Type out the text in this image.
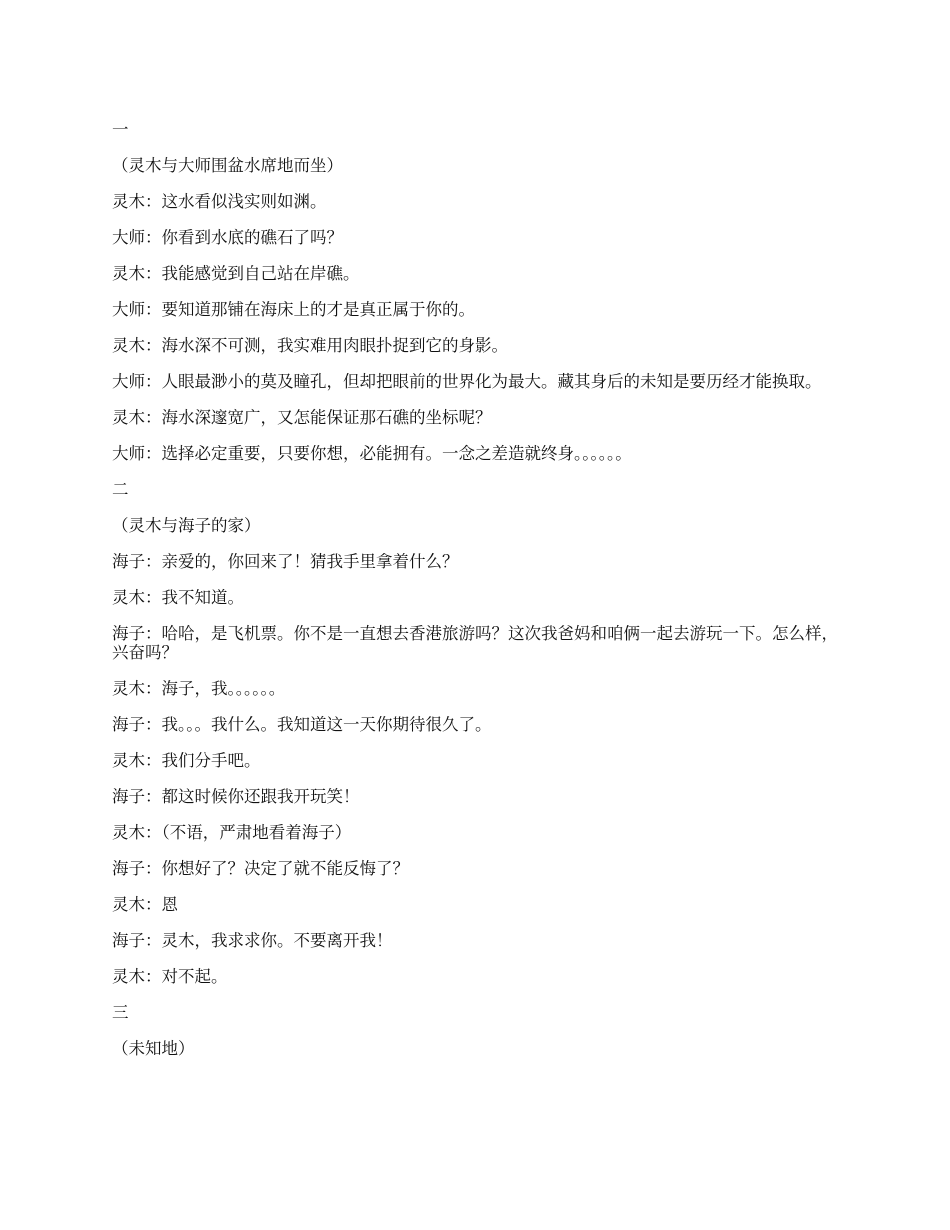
一

（灵木与大师围盆水席地而坐）

灵木：这水看似浅实则如渊。

大师：你看到水底的礁石了吗？

灵木：我能感觉到自己站在岸礁。

大师：要知道那铺在海床上的才是真正属于你的。

灵木：海水深不可测，我实难用肉眼扑捉到它的身影。

大师：人眼最渺小的莫及瞳孔，但却把眼前的世界化为最大。藏其身后的未知是要历经才能换取。

灵木：海水深邃宽广，又怎能保证那石礁的坐标呢？

大师：选择必定重要，只要你想，必能拥有。一念之差造就终身。。。。。。

二

（灵木与海子的家）

海子：亲爱的，你回来了！猜我手里拿着什么？

灵木：我不知道。

海子：哈哈，是飞机票。你不是一直想去香港旅游吗？这次我爸妈和咱俩一起去游玩一下。怎么样，兴奋吗？

灵木：海子，我。。。。。。

海子：我。。。我什么。我知道这一天你期待很久了。

灵木：我们分手吧。

海子：都这时候你还跟我开玩笑！

灵木：（不语，严肃地看着海子）

海子：你想好了？决定了就不能反悔了？

灵木：恩

海子：灵木，我求求你。不要离开我！

灵木：对不起。

三

（未知地）
